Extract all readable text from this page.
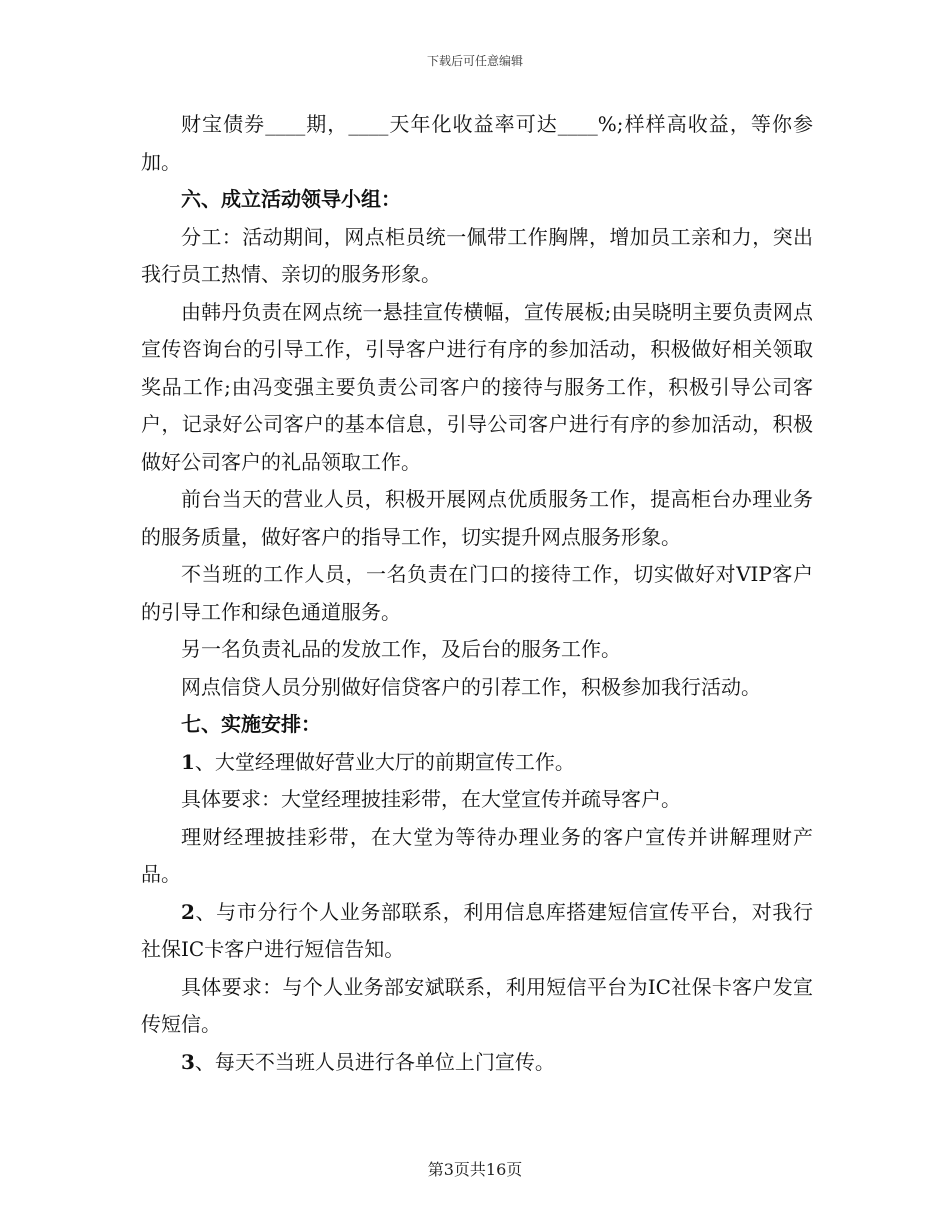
下载后可任意编辑

财宝债券____期，____天年化收益率可达____%;样样高收益，等你参加。

六、成立活动领导小组：

分工：活动期间，网点柜员统一佩带工作胸牌，增加员工亲和力，突出我行员工热情、亲切的服务形象。

由韩丹负责在网点统一悬挂宣传横幅，宣传展板;由吴晓明主要负责网点宣传咨询台的引导工作，引导客户进行有序的参加活动，积极做好相关领取奖品工作;由冯变强主要负责公司客户的接待与服务工作，积极引导公司客户，记录好公司客户的基本信息，引导公司客户进行有序的参加活动，积极做好公司客户的礼品领取工作。

前台当天的营业人员，积极开展网点优质服务工作，提高柜台办理业务的服务质量，做好客户的指导工作，切实提升网点服务形象。

不当班的工作人员，一名负责在门口的接待工作，切实做好对VIP客户的引导工作和绿色通道服务。

另一名负责礼品的发放工作，及后台的服务工作。

网点信贷人员分别做好信贷客户的引荐工作，积极参加我行活动。

七、实施安排：

1、大堂经理做好营业大厅的前期宣传工作。

具体要求：大堂经理披挂彩带，在大堂宣传并疏导客户。

理财经理披挂彩带，在大堂为等待办理业务的客户宣传并讲解理财产品。

2、与市分行个人业务部联系，利用信息库搭建短信宣传平台，对我行社保IC卡客户进行短信告知。

具体要求：与个人业务部安斌联系，利用短信平台为IC社保卡客户发宣传短信。

3、每天不当班人员进行各单位上门宣传。

第3页共16页
